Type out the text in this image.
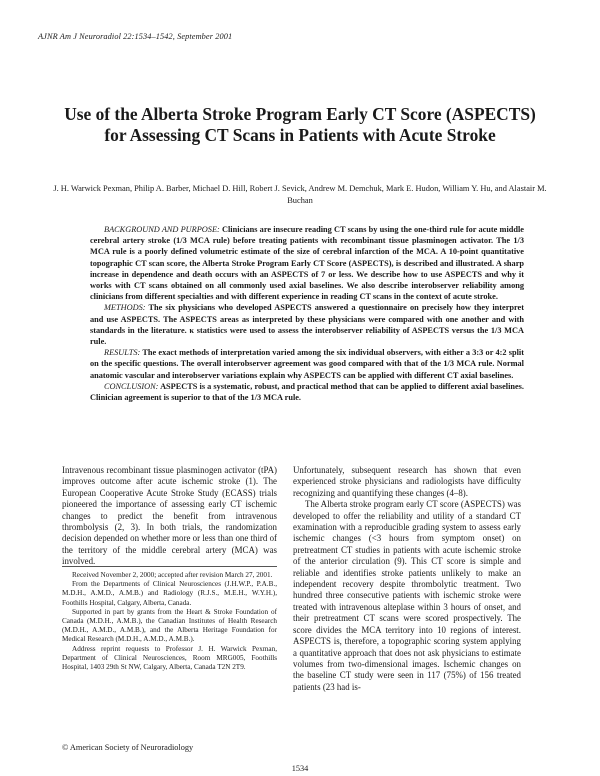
AJNR Am J Neuroradiol 22:1534–1542, September 2001
Use of the Alberta Stroke Program Early CT Score (ASPECTS) for Assessing CT Scans in Patients with Acute Stroke
J. H. Warwick Pexman, Philip A. Barber, Michael D. Hill, Robert J. Sevick, Andrew M. Demchuk, Mark E. Hudon, William Y. Hu, and Alastair M. Buchan

BACKGROUND AND PURPOSE: Clinicians are insecure reading CT scans by using the one-third rule for acute middle cerebral artery stroke (1/3 MCA rule) before treating patients with recombinant tissue plasminogen activator. The 1/3 MCA rule is a poorly defined volumetric estimate of the size of cerebral infarction of the MCA. A 10-point quantitative topographic CT scan score, the Alberta Stroke Program Early CT Score (ASPECTS), is described and illustrated. A sharp increase in dependence and death occurs with an ASPECTS of 7 or less. We describe how to use ASPECTS and why it works with CT scans obtained on all commonly used axial baselines. We also describe interobserver reliability among clinicians from different specialties and with different experience in reading CT scans in the context of acute stroke.

METHODS: The six physicians who developed ASPECTS answered a questionnaire on precisely how they interpret and use ASPECTS. The ASPECTS areas as interpreted by these physicians were compared with one another and with standards in the literature. κ statistics were used to assess the interobserver reliability of ASPECTS versus the 1/3 MCA rule.

RESULTS: The exact methods of interpretation varied among the six individual observers, with either a 3:3 or 4:2 split on the specific questions. The overall interobserver agreement was good compared with that of the 1/3 MCA rule. Normal anatomic vascular and interobserver variations explain why ASPECTS can be applied with different CT axial baselines.

CONCLUSION: ASPECTS is a systematic, robust, and practical method that can be applied to different axial baselines. Clinician agreement is superior to that of the 1/3 MCA rule.

Intravenous recombinant tissue plasminogen activator (tPA) improves outcome after acute ischemic stroke (1). The European Cooperative Acute Stroke Study (ECASS) trials pioneered the importance of assessing early CT ischemic changes to predict the benefit from intravenous thrombolysis (2, 3). In both trials, the randomization decision depended on whether more or less than one third of the territory of the middle cerebral artery (MCA) was involved.

Received November 2, 2000; accepted after revision March 27, 2001.

From the Departments of Clinical Neurosciences (J.H.W.P., P.A.B., M.D.H., A.M.D., A.M.B.) and Radiology (R.J.S., M.E.H., W.Y.H.), Foothills Hospital, Calgary, Alberta, Canada.

Supported in part by grants from the Heart & Stroke Foundation of Canada (M.D.H., A.M.B.), the Canadian Institutes of Health Research (M.D.H., A.M.D., A.M.B.), and the Alberta Heritage Foundation for Medical Research (M.D.H., A.M.D., A.M.B.).

Address reprint requests to Professor J. H. Warwick Pexman, Department of Clinical Neurosciences, Room MRG005, Foothills Hospital, 1403 29th St NW, Calgary, Alberta, Canada T2N 2T9.

© American Society of Neuroradiology

Unfortunately, subsequent research has shown that even experienced stroke physicians and radiologists have difficulty recognizing and quantifying these changes (4–8).

The Alberta stroke program early CT score (ASPECTS) was developed to offer the reliability and utility of a standard CT examination with a reproducible grading system to assess early ischemic changes (<3 hours from symptom onset) on pretreatment CT studies in patients with acute ischemic stroke of the anterior circulation (9). This CT score is simple and reliable and identifies stroke patients unlikely to make an independent recovery despite thrombolytic treatment. Two hundred three consecutive patients with ischemic stroke were treated with intravenous alteplase within 3 hours of onset, and their pretreatment CT scans were scored prospectively. The score divides the MCA territory into 10 regions of interest. ASPECTS is, therefore, a topographic scoring system applying a quantitative approach that does not ask physicians to estimate volumes from two-dimensional images. Ischemic changes on the baseline CT study were seen in 117 (75%) of 156 treated patients (23 had is-

1534
